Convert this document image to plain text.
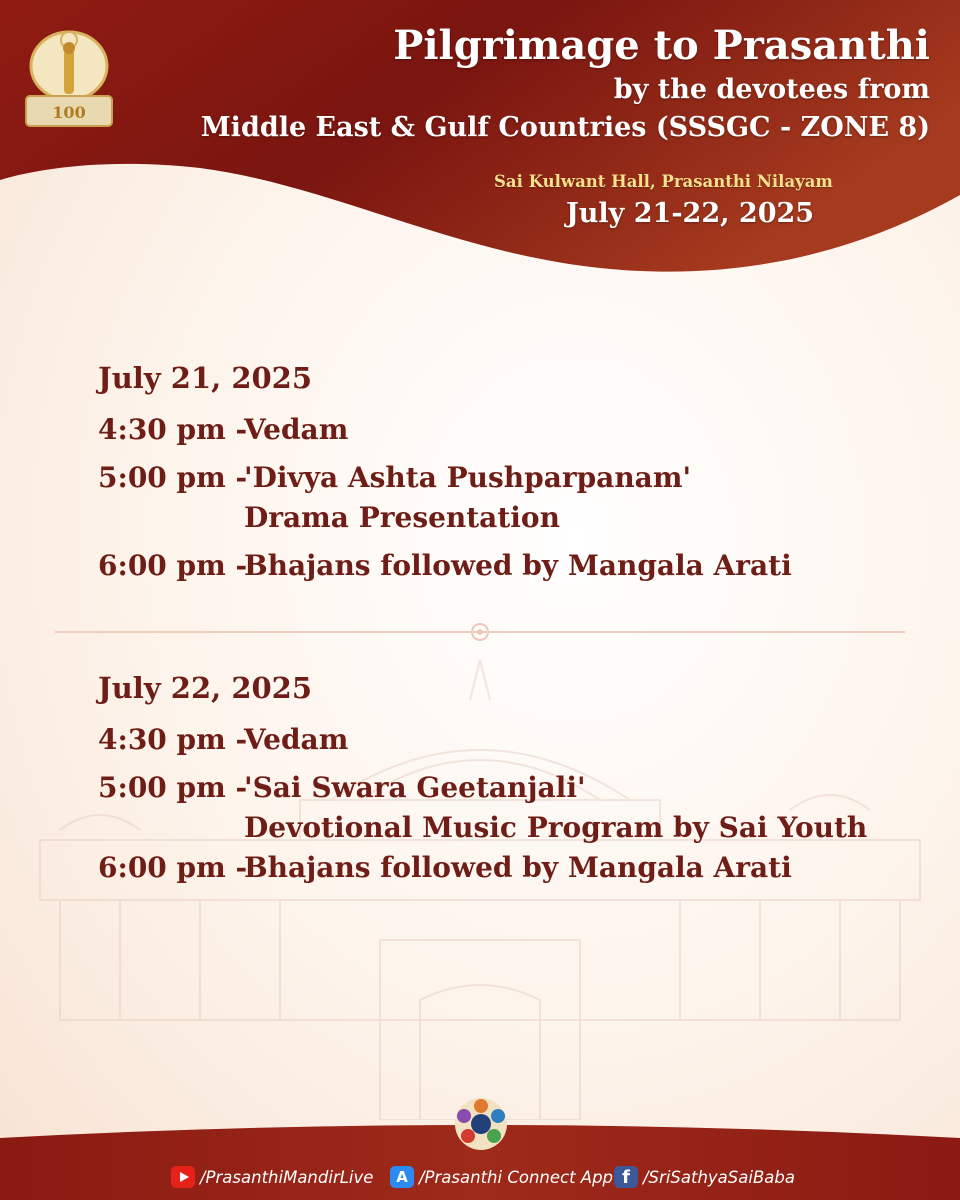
100
Pilgrimage to Prasanthi
by the devotees from
Middle East & Gulf Countries (SSSGC - ZONE 8)
Sai Kulwant Hall, Prasanthi Nilayam
July 21-22, 2025
July 21, 2025
4:30 pm -
Vedam
5:00 pm -
'Divya Ashta Pushparpanam'
Drama Presentation
6:00 pm -
Bhajans followed by Mangala Arati
July 22, 2025
4:30 pm -
Vedam
5:00 pm -
'Sai Swara Geetanjali'
Devotional Music Program by Sai Youth
6:00 pm -
Bhajans followed by Mangala Arati
/PrasanthiMandirLive	A /Prasanthi Connect App f /SriSathyaSaiBaba
